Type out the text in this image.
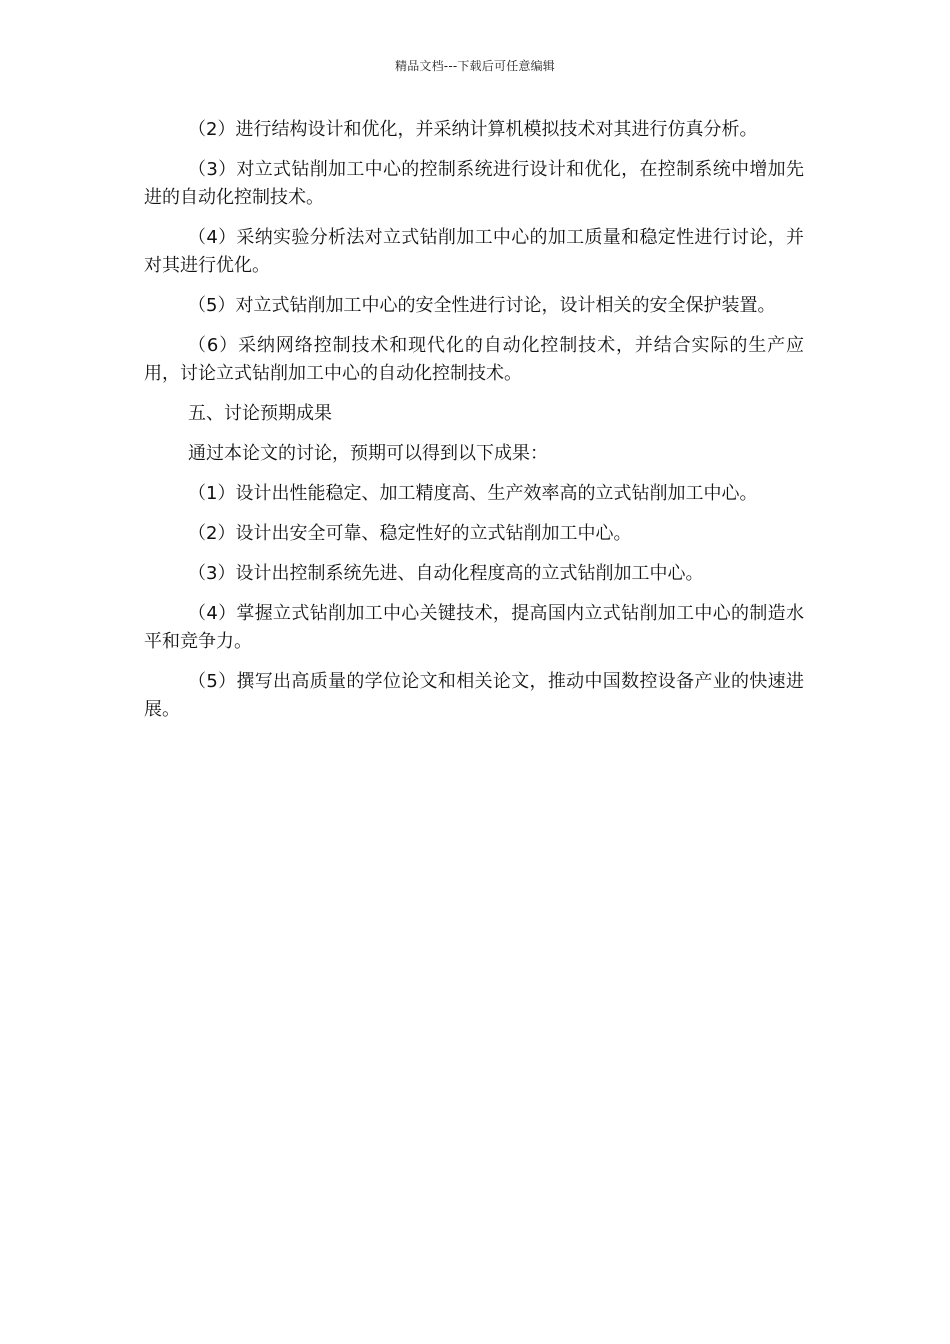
精品文档---下载后可任意编辑

（2）进行结构设计和优化，并采纳计算机模拟技术对其进行仿真分析。

（3）对立式钻削加工中心的控制系统进行设计和优化，在控制系统中增加先进的自动化控制技术。

（4）采纳实验分析法对立式钻削加工中心的加工质量和稳定性进行讨论，并对其进行优化。

（5）对立式钻削加工中心的安全性进行讨论，设计相关的安全保护装置。

（6）采纳网络控制技术和现代化的自动化控制技术，并结合实际的生产应用，讨论立式钻削加工中心的自动化控制技术。

五、讨论预期成果

通过本论文的讨论，预期可以得到以下成果：

（1）设计出性能稳定、加工精度高、生产效率高的立式钻削加工中心。

（2）设计出安全可靠、稳定性好的立式钻削加工中心。

（3）设计出控制系统先进、自动化程度高的立式钻削加工中心。

（4）掌握立式钻削加工中心关键技术，提高国内立式钻削加工中心的制造水平和竞争力。

（5）撰写出高质量的学位论文和相关论文，推动中国数控设备产业的快速进展。
